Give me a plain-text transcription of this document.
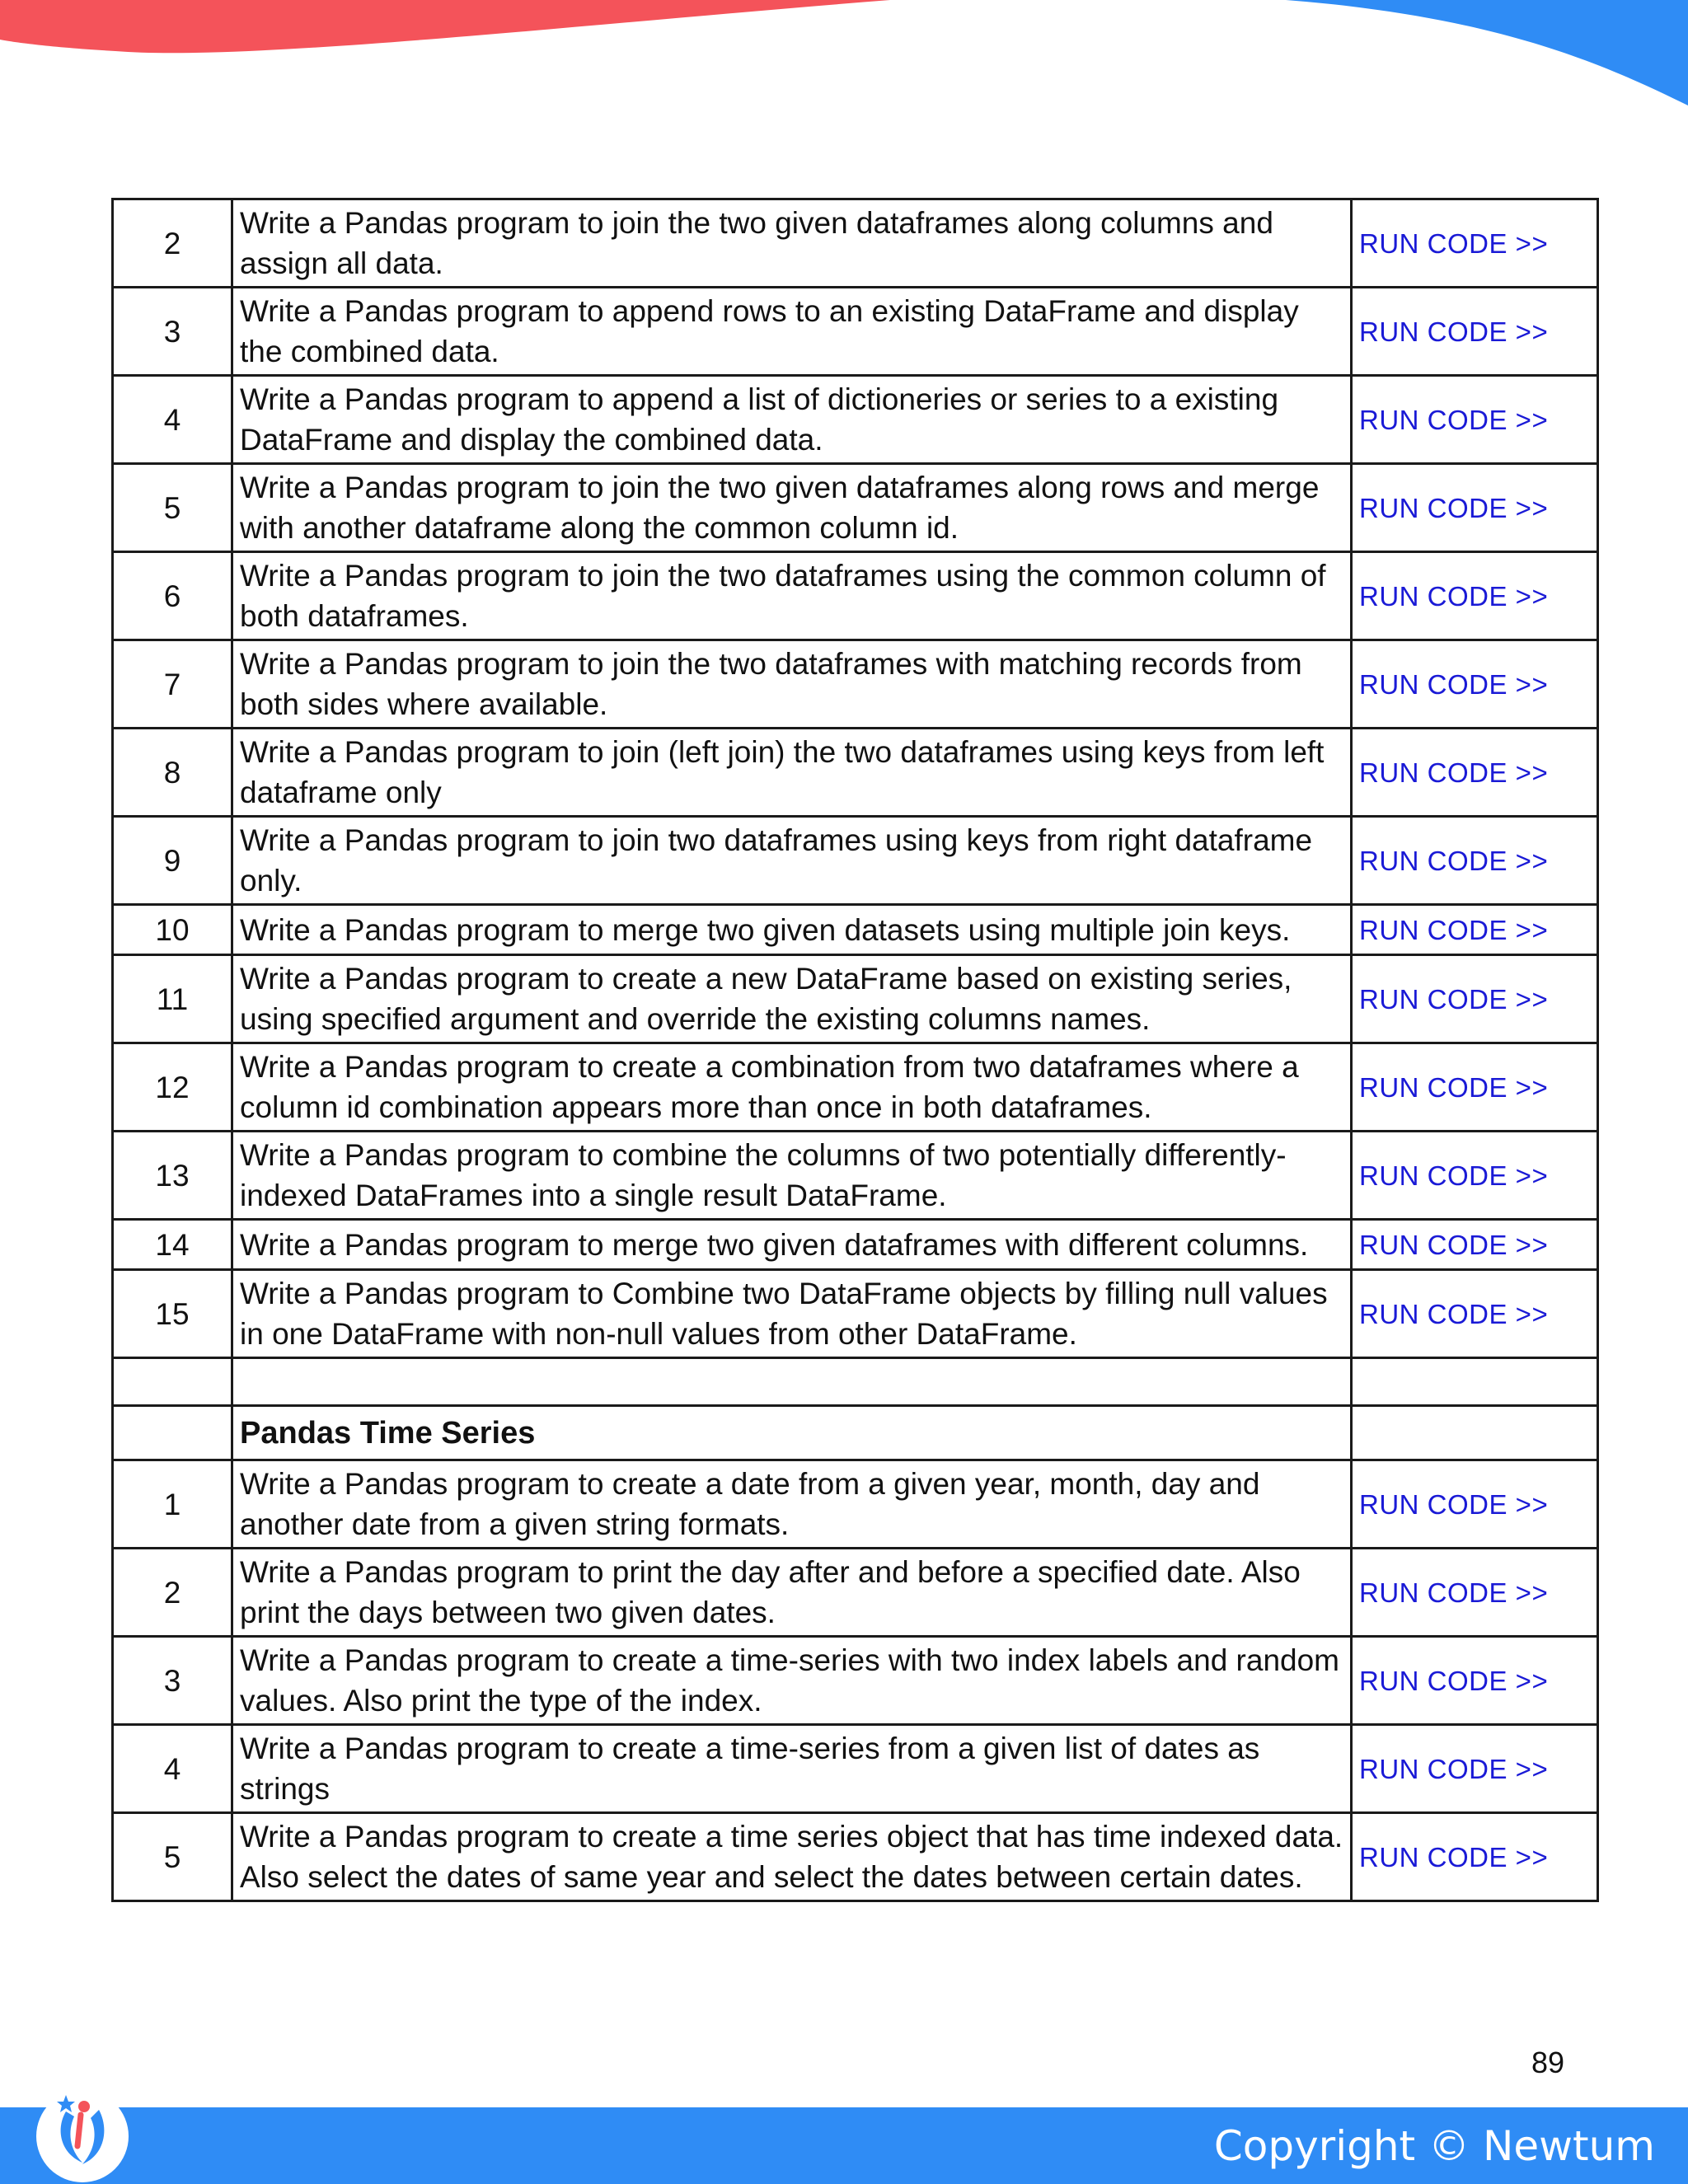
2	Write a Pandas program to join the two given dataframes along columns and assign all data.	RUN CODE >>
3	Write a Pandas program to append rows to an existing DataFrame and display the combined data.	RUN CODE >>
4	Write a Pandas program to append a list of dictioneries or series to a existing DataFrame and display the combined data.	RUN CODE >>
5	Write a Pandas program to join the two given dataframes along rows and merge with another dataframe along the common column id.	RUN CODE >>
6	Write a Pandas program to join the two dataframes using the common column of both dataframes.	RUN CODE >>
7	Write a Pandas program to join the two dataframes with matching records from both sides where available.	RUN CODE >>
8	Write a Pandas program to join (left join) the two dataframes using keys from left dataframe only	RUN CODE >>
9	Write a Pandas program to join two dataframes using keys from right dataframe only.	RUN CODE >>
10	Write a Pandas program to merge two given datasets using multiple join keys.	RUN CODE >>
11	Write a Pandas program to create a new DataFrame based on existing series, using specified argument and override the existing columns names.	RUN CODE >>
12	Write a Pandas program to create a combination from two dataframes where a column id combination appears more than once in both dataframes.	RUN CODE >>
13	Write a Pandas program to combine the columns of two potentially differently-indexed DataFrames into a single result DataFrame.	RUN CODE >>
14	Write a Pandas program to merge two given dataframes with different columns.	RUN CODE >>
15	Write a Pandas program to Combine two DataFrame objects by filling null values in one DataFrame with non-null values from other DataFrame.	RUN CODE >>

	Pandas Time Series	
1	Write a Pandas program to create a date from a given year, month, day and another date from a given string formats.	RUN CODE >>
2	Write a Pandas program to print the day after and before a specified date. Also print the days between two given dates.	RUN CODE >>
3	Write a Pandas program to create a time-series with two index labels and random values. Also print the type of the index.	RUN CODE >>
4	Write a Pandas program to create a time-series from a given list of dates as strings	RUN CODE >>
5	Write a Pandas program to create a time series object that has time indexed data. Also select the dates of same year and select the dates between certain dates.	RUN CODE >>
89
Copyright © Newtum
